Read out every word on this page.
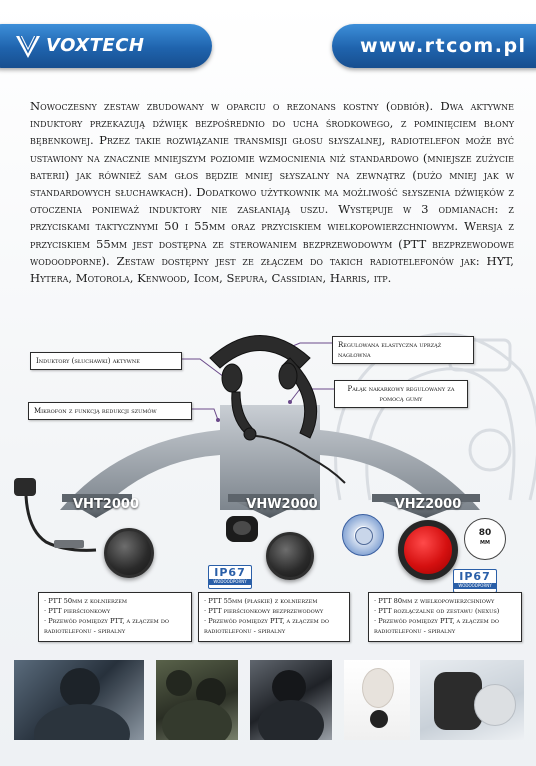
VOXTECH	www.rtcom.pl
Nowoczesny zestaw zbudowany w oparciu o rezonans kostny (odbiór). Dwa aktywne induktory przekazują dźwięk bezpośrednio do ucha środkowego, z pominięciem błony bębenkowej. Przez takie rozwiązanie transmisji głosu słyszalnej, radiotelefon może być ustawiony na znacznie mniejszym poziomie wzmocnienia niż standardowo (mniejsze zużycie baterii) jak również sam głos będzie mniej słyszalny na zewnątrz (dużo mniej jak w standardowych słuchawkach). Dodatkowo użytkownik ma możliwość słyszenia dźwięków z otoczenia ponieważ induktory nie zasłaniają uszu. Występuje w 3 odmianach: z przyciskami taktycznymi 50 i 55mm oraz przyciskiem wielkopowierzchniowym. Wersja z przyciskiem 55mm jest dostępna ze sterowaniem bezprzewodowym (PTT bezprzewodowe wodoodporne). Zestaw dostępny jest ze złączem do takich radiotelefonów jak: HYT, Hytera, Motorola, Kenwood, Icom, Sepura, Cassidian, Harris, itp.
Induktory (słuchawki) aktywne
Regulowana elastyczna uprząż nagłowna
Mikrofon z funkcją redukcji szumów
Pałąk nakarkowy regulowany za pomocą gumy
VHT2000	VHW2000	VHZ2000
IP67
WODOODPORNY
80
MM
IP67
WODOODPORNY
· PTT 50mm z kołnierzem
· PTT pierścionkowy
· Przewód pomiędzy PTT, a złączem do
radiotelefonu - spiralny
· PTT 55mm (płaskie) z kołnierzem
· PTT pierścionkowy bezprzewodowy
· Przewód pomiędzy PTT, a złączem do
radiotelefonu - spiralny
· PTT 80mm z wielkopowierzchniowy
· PTT rozłączalne od zestawu (nexus)
· Przewód pomiędzy PTT, a złączem do
radiotelefonu - spiralny
